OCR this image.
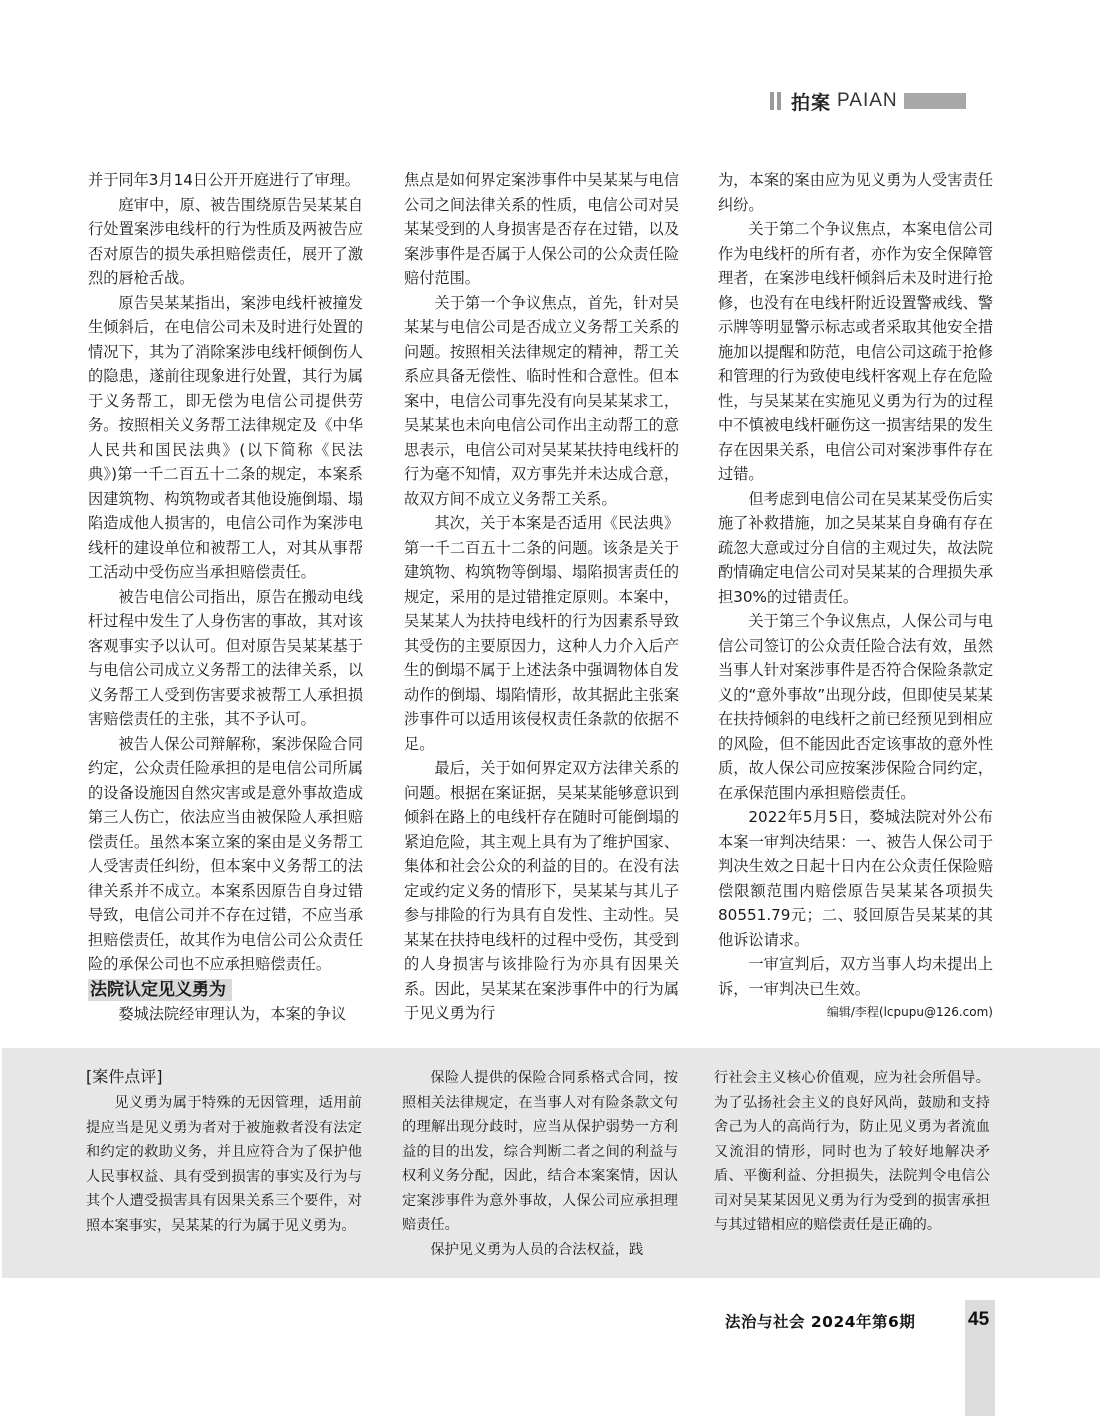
拍案 PAIAN

并于同年3月14日公开开庭进行了审理。

庭审中，原、被告围绕原告吴某某自行处置案涉电线杆的行为性质及两被告应否对原告的损失承担赔偿责任，展开了激烈的唇枪舌战。

原告吴某某指出，案涉电线杆被撞发生倾斜后，在电信公司未及时进行处置的情况下，其为了消除案涉电线杆倾倒伤人的隐患，遂前往现象进行处置，其行为属于义务帮工，即无偿为电信公司提供劳务。按照相关义务帮工法律规定及《中华人民共和国民法典》(以下简称《民法典》)第一千二百五十二条的规定，本案系因建筑物、构筑物或者其他设施倒塌、塌陷造成他人损害的，电信公司作为案涉电线杆的建设单位和被帮工人，对其从事帮工活动中受伤应当承担赔偿责任。

被告电信公司指出，原告在搬动电线杆过程中发生了人身伤害的事故，其对该客观事实予以认可。但对原告吴某某基于与电信公司成立义务帮工的法律关系，以义务帮工人受到伤害要求被帮工人承担损害赔偿责任的主张，其不予认可。

被告人保公司辩解称，案涉保险合同约定，公众责任险承担的是电信公司所属的设备设施因自然灾害或是意外事故造成第三人伤亡，依法应当由被保险人承担赔偿责任。虽然本案立案的案由是义务帮工人受害责任纠纷，但本案中义务帮工的法律关系并不成立。本案系因原告自身过错导致，电信公司并不存在过错，不应当承担赔偿责任，故其作为电信公司公众责任险的承保公司也不应承担赔偿责任。

法院认定见义勇为

婺城法院经审理认为，本案的争议

焦点是如何界定案涉事件中吴某某与电信公司之间法律关系的性质，电信公司对吴某某受到的人身损害是否存在过错，以及案涉事件是否属于人保公司的公众责任险赔付范围。

关于第一个争议焦点，首先，针对吴某某与电信公司是否成立义务帮工关系的问题。按照相关法律规定的精神，帮工关系应具备无偿性、临时性和合意性。但本案中，电信公司事先没有向吴某某求工，吴某某也未向电信公司作出主动帮工的意思表示，电信公司对吴某某扶持电线杆的行为毫不知情，双方事先并未达成合意，故双方间不成立义务帮工关系。

其次，关于本案是否适用《民法典》第一千二百五十二条的问题。该条是关于建筑物、构筑物等倒塌、塌陷损害责任的规定，采用的是过错推定原则。本案中，吴某某人为扶持电线杆的行为因素系导致其受伤的主要原因力，这种人力介入后产生的倒塌不属于上述法条中强调物体自发动作的倒塌、塌陷情形，故其据此主张案涉事件可以适用该侵权责任条款的依据不足。

最后，关于如何界定双方法律关系的问题。根据在案证据，吴某某能够意识到倾斜在路上的电线杆存在随时可能倒塌的紧迫危险，其主观上具有为了维护国家、集体和社会公众的利益的目的。在没有法定或约定义务的情形下，吴某某与其儿子参与排险的行为具有自发性、主动性。吴某某在扶持电线杆的过程中受伤，其受到的人身损害与该排险行为亦具有因果关系。因此，吴某某在案涉事件中的行为属于见义勇为行

为，本案的案由应为见义勇为人受害责任纠纷。

关于第二个争议焦点，本案电信公司作为电线杆的所有者，亦作为安全保障管理者，在案涉电线杆倾斜后未及时进行抢修，也没有在电线杆附近设置警戒线、警示牌等明显警示标志或者采取其他安全措施加以提醒和防范，电信公司这疏于抢修和管理的行为致使电线杆客观上存在危险性，与吴某某在实施见义勇为行为的过程中不慎被电线杆砸伤这一损害结果的发生存在因果关系，电信公司对案涉事件存在过错。

但考虑到电信公司在吴某某受伤后实施了补救措施，加之吴某某自身确有存在疏忽大意或过分自信的主观过失，故法院酌情确定电信公司对吴某某的合理损失承担30%的过错责任。

关于第三个争议焦点，人保公司与电信公司签订的公众责任险合法有效，虽然当事人针对案涉事件是否符合保险条款定义的“意外事故”出现分歧，但即使吴某某在扶持倾斜的电线杆之前已经预见到相应的风险，但不能因此否定该事故的意外性质，故人保公司应按案涉保险合同约定，在承保范围内承担赔偿责任。

2022年5月5日，婺城法院对外公布本案一审判决结果：一、被告人保公司于判决生效之日起十日内在公众责任保险赔偿限额范围内赔偿原告吴某某各项损失80551.79元；二、驳回原告吴某某的其他诉讼请求。

一审宣判后，双方当事人均未提出上诉，一审判决已生效。

编辑/李程(lcpupu@126.com)
[案件点评]

见义勇为属于特殊的无因管理，适用前提应当是见义勇为者对于被施救者没有法定和约定的救助义务，并且应符合为了保护他人民事权益、具有受到损害的事实及行为与其个人遭受损害具有因果关系三个要件，对照本案事实，吴某某的行为属于见义勇为。

保险人提供的保险合同系格式合同，按照相关法律规定，在当事人对有险条款文句的理解出现分歧时，应当从保护弱势一方利益的目的出发，综合判断二者之间的利益与权利义务分配，因此，结合本案案情，因认定案涉事件为意外事故，人保公司应承担理赔责任。

保护见义勇为人员的合法权益，践

行社会主义核心价值观，应为社会所倡导。为了弘扬社会主义的良好风尚，鼓励和支持舍己为人的高尚行为，防止见义勇为者流血又流泪的情形，同时也为了较好地解决矛盾、平衡利益、分担损失，法院判令电信公司对吴某某因见义勇为行为受到的损害承担与其过错相应的赔偿责任是正确的。

法治与社会 2024年第6期	45
